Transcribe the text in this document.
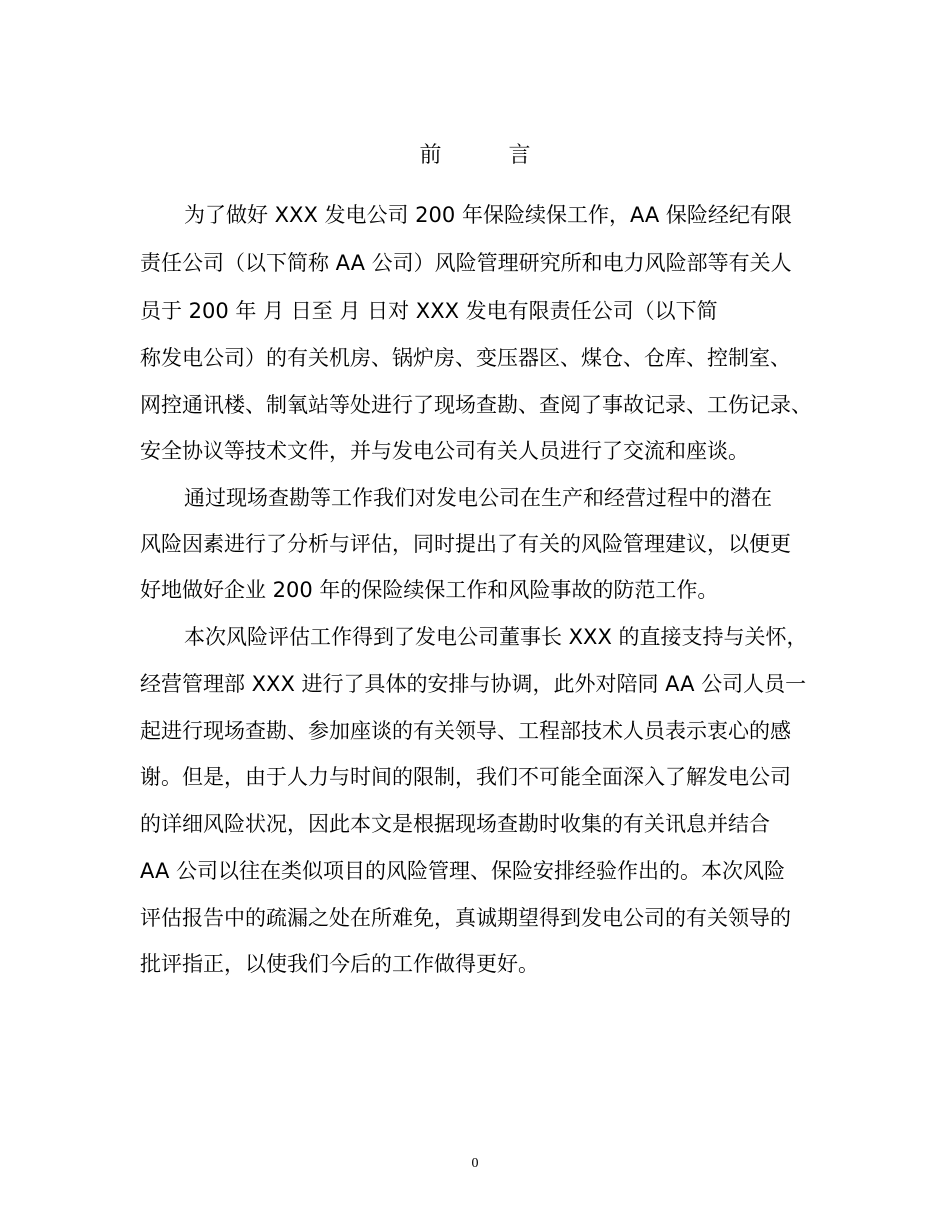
前 言
为了做好 XXX 发电公司 200 年保险续保工作，AA 保险经纪有限
责任公司（以下简称 AA 公司）风险管理研究所和电力风险部等有关人
员于 200 年 月 日至 月 日对 XXX 发电有限责任公司（以下简
称发电公司）的有关机房、锅炉房、变压器区、煤仓、仓库、控制室、
网控通讯楼、制氧站等处进行了现场查勘、查阅了事故记录、工伤记录、
安全协议等技术文件，并与发电公司有关人员进行了交流和座谈。
通过现场查勘等工作我们对发电公司在生产和经营过程中的潜在
风险因素进行了分析与评估，同时提出了有关的风险管理建议，以便更
好地做好企业 200 年的保险续保工作和风险事故的防范工作。
本次风险评估工作得到了发电公司董事长 XXX 的直接支持与关怀，
经营管理部 XXX 进行了具体的安排与协调，此外对陪同 AA 公司人员一
起进行现场查勘、参加座谈的有关领导、工程部技术人员表示衷心的感
谢。但是，由于人力与时间的限制，我们不可能全面深入了解发电公司
的详细风险状况，因此本文是根据现场查勘时收集的有关讯息并结合
AA 公司以往在类似项目的风险管理、保险安排经验作出的。本次风险
评估报告中的疏漏之处在所难免，真诚期望得到发电公司的有关领导的
批评指正，以使我们今后的工作做得更好。
0
